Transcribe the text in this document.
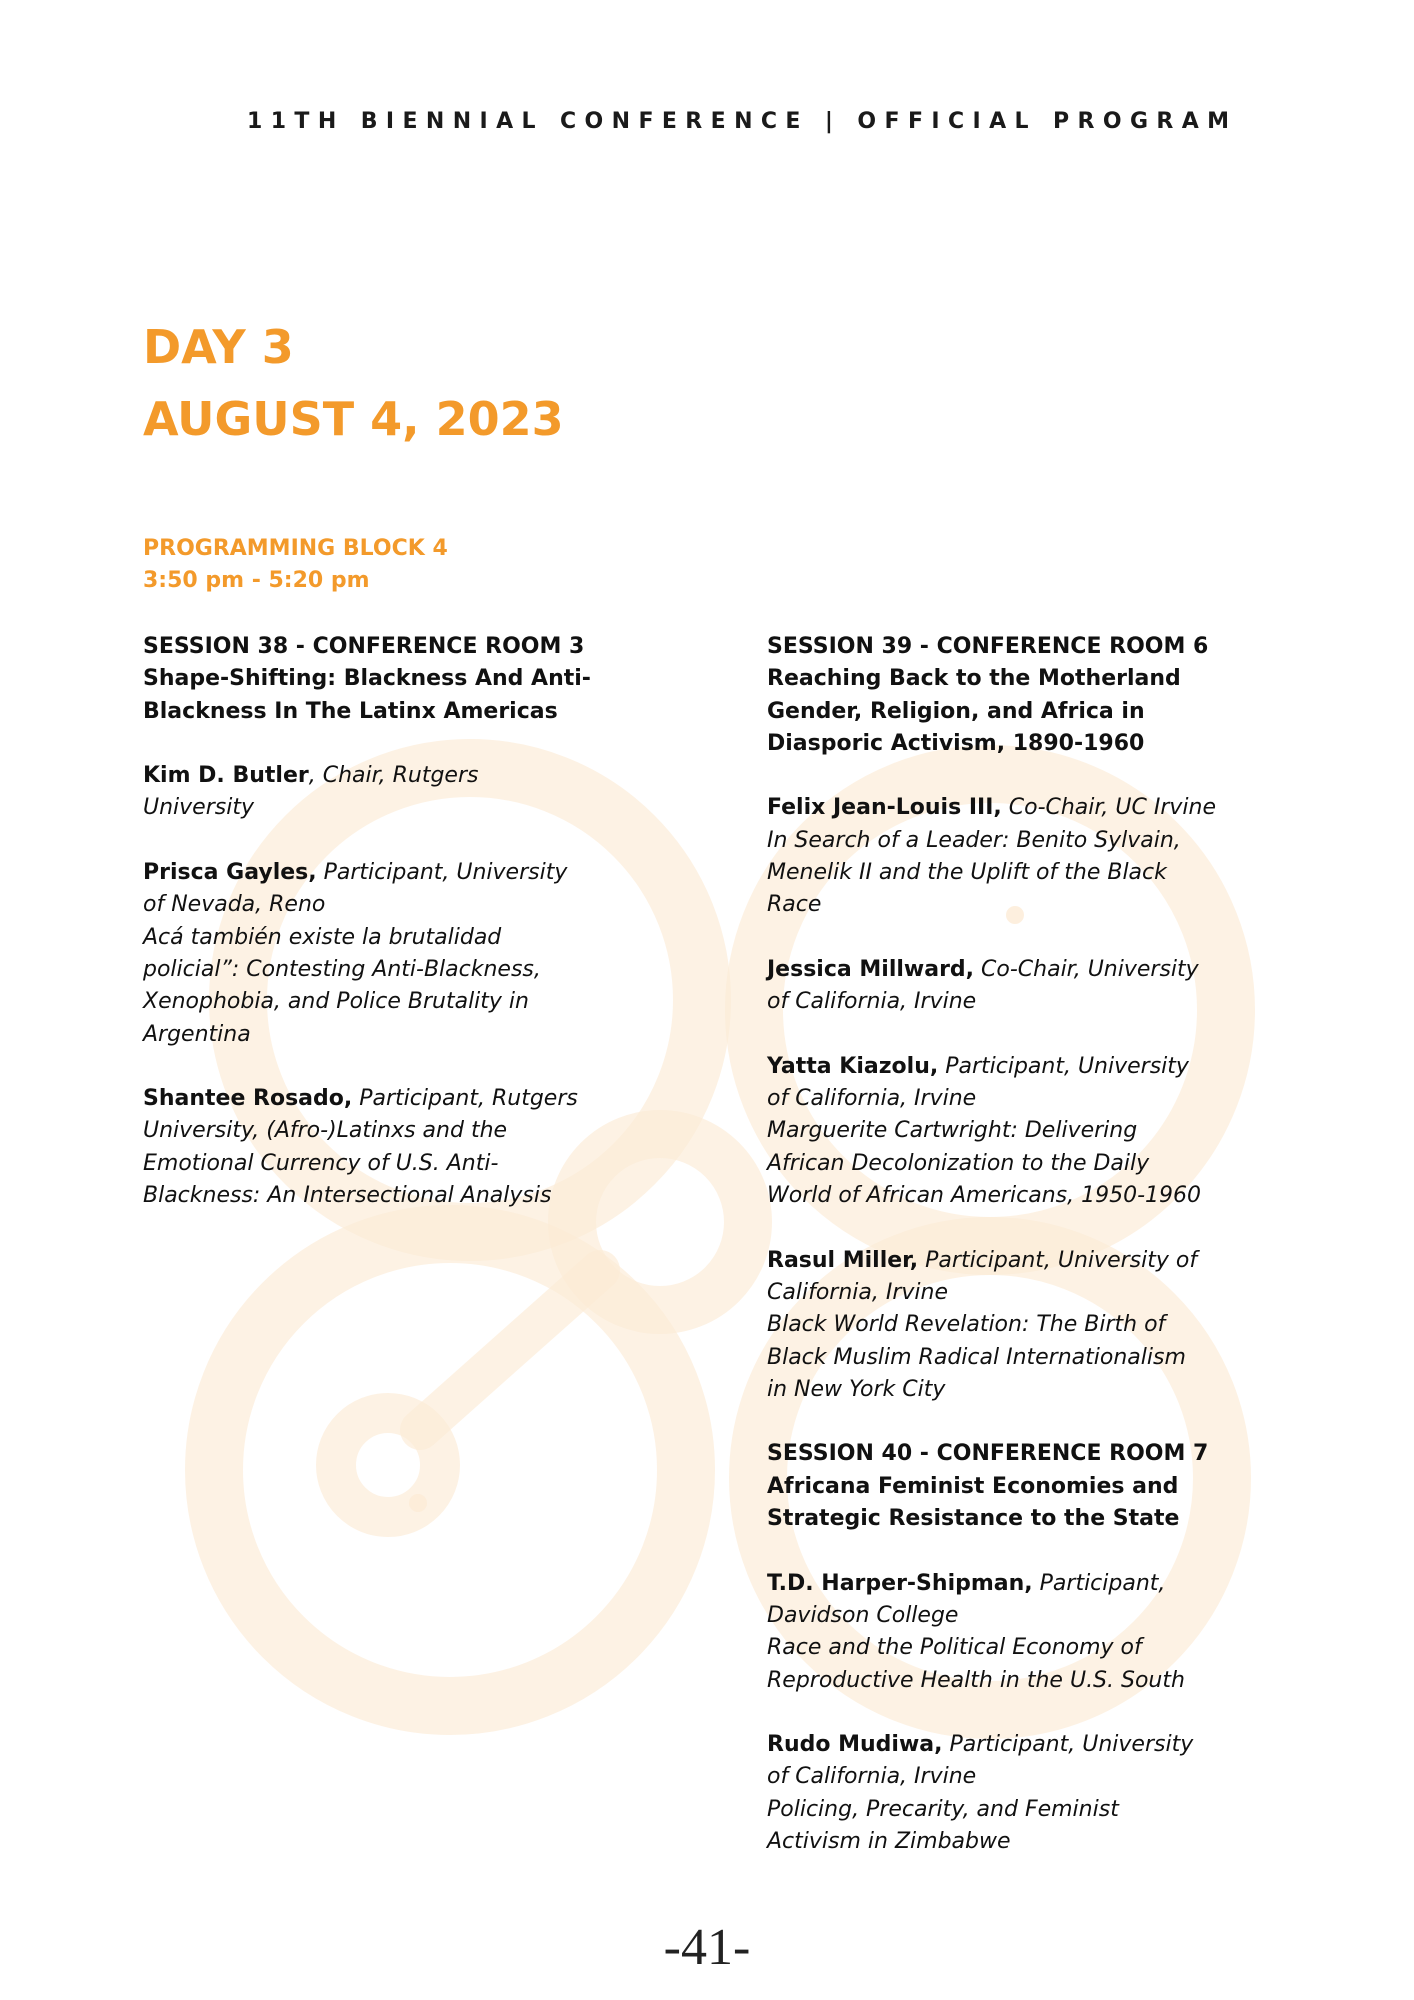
11TH BIENNIAL CONFERENCE | OFFICIAL PROGRAM
DAY 3
AUGUST 4, 2023
PROGRAMMING BLOCK 4
3:50 pm - 5:20 pm
SESSION 38 - CONFERENCE ROOM 3
Shape-Shifting: Blackness And Anti-
Blackness In The Latinx Americas
Kim D. Butler, Chair, Rutgers
University
Prisca Gayles, Participant, University
of Nevada, Reno
Acá también existe la brutalidad
policial”: Contesting Anti-Blackness,
Xenophobia, and Police Brutality in
Argentina
Shantee Rosado, Participant, Rutgers
University, (Afro-)Latinxs and the
Emotional Currency of U.S. Anti-
Blackness: An Intersectional Analysis
SESSION 39 - CONFERENCE ROOM 6
Reaching Back to the Motherland
Gender, Religion, and Africa in
Diasporic Activism, 1890-1960
Felix Jean-Louis III, Co-Chair, UC Irvine
In Search of a Leader: Benito Sylvain,
Menelik II and the Uplift of the Black
Race
Jessica Millward, Co-Chair, University
of California, Irvine
Yatta Kiazolu, Participant, University
of California, Irvine
Marguerite Cartwright: Delivering
African Decolonization to the Daily
World of African Americans, 1950-1960
Rasul Miller, Participant, University of
California, Irvine
Black World Revelation: The Birth of
Black Muslim Radical Internationalism
in New York City
SESSION 40 - CONFERENCE ROOM 7
Africana Feminist Economies and
Strategic Resistance to the State
T.D. Harper-Shipman, Participant,
Davidson College
Race and the Political Economy of
Reproductive Health in the U.S. South
Rudo Mudiwa, Participant, University
of California, Irvine
Policing, Precarity, and Feminist
Activism in Zimbabwe
-41-
